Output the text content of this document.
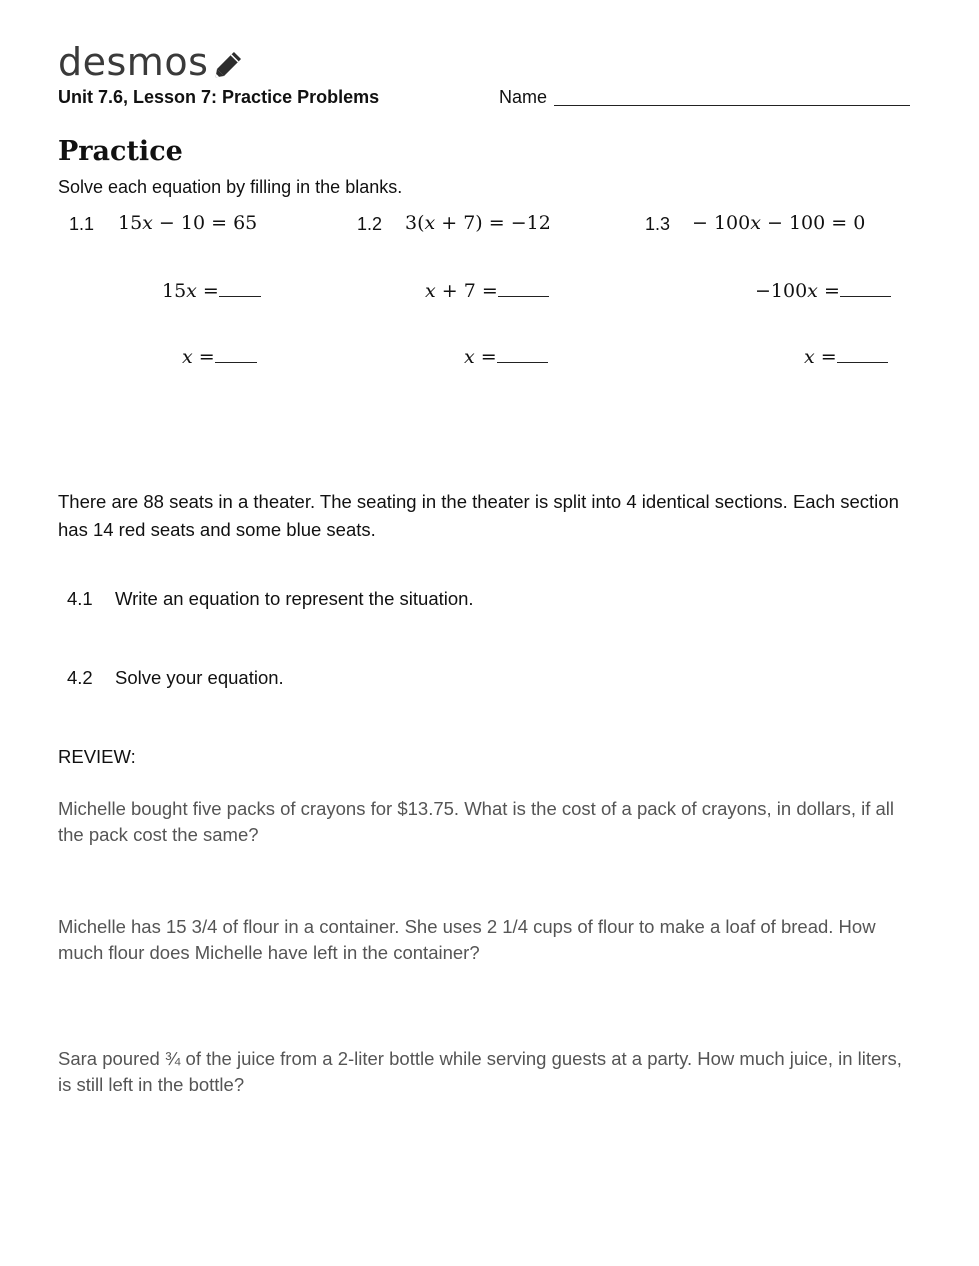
desmos
Unit 7.6, Lesson 7: Practice Problems	Name
Practice
Solve each equation by filling in the blanks.
1.1 15𝑥 − 10 = 65
15𝑥 =
𝑥 =
1.2 3(𝑥 + 7) = −12
𝑥 + 7 =
𝑥 =
1.3 − 100𝑥 − 100 = 0
−100𝑥 =
𝑥 =
There are 88 seats in a theater. The seating in the theater is split into 4 identical sections. Each section has 14 red seats and some blue seats.
4.1 Write an equation to represent the situation.
4.2 Solve your equation.
REVIEW:
Michelle bought five packs of crayons for $13.75. What is the cost of a pack of crayons, in dollars, if all the pack cost the same?
Michelle has 15 3/4 of flour in a container. She uses 2 1/4 cups of flour to make a loaf of bread. How much flour does Michelle have left in the container?
Sara poured ¾ of the juice from a 2-liter bottle while serving guests at a party. How much juice, in liters, is still left in the bottle?
